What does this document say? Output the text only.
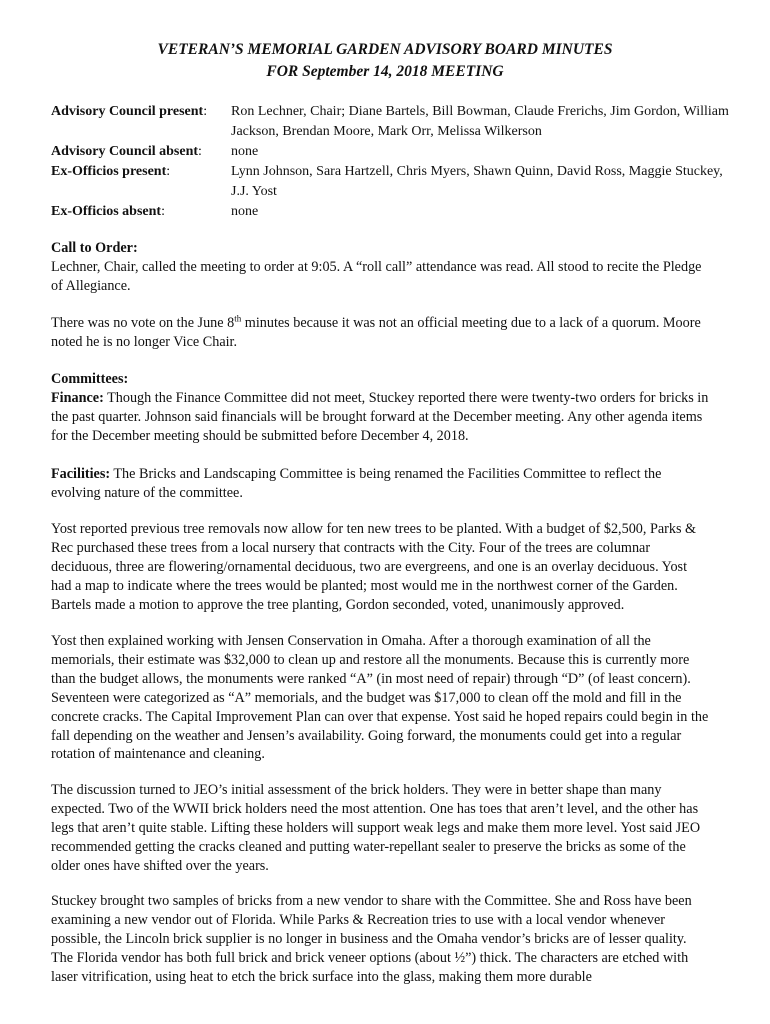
VETERAN’S MEMORIAL GARDEN ADVISORY BOARD MINUTES
FOR September 14, 2018 MEETING
Advisory Council present: Ron Lechner, Chair; Diane Bartels, Bill Bowman, Claude Frerichs, Jim Gordon, William Jackson, Brendan Moore, Mark Orr, Melissa Wilkerson
Advisory Council absent: none
Ex-Officios present:	Lynn Johnson, Sara Hartzell, Chris Myers, Shawn Quinn, David Ross, Maggie Stuckey, J.J. Yost
Ex-Officios absent:	none
Call to Order:
Lechner, Chair, called the meeting to order at 9:05. A “roll call” attendance was read. All stood to recite the Pledge of Allegiance.
There was no vote on the June 8th minutes because it was not an official meeting due to a lack of a quorum. Moore noted he is no longer Vice Chair.
Committees:
Finance: Though the Finance Committee did not meet, Stuckey reported there were twenty-two orders for bricks in the past quarter. Johnson said financials will be brought forward at the December meeting. Any other agenda items for the December meeting should be submitted before December 4, 2018.
Facilities: The Bricks and Landscaping Committee is being renamed the Facilities Committee to reflect the evolving nature of the committee.
Yost reported previous tree removals now allow for ten new trees to be planted. With a budget of $2,500, Parks & Rec purchased these trees from a local nursery that contracts with the City. Four of the trees are columnar deciduous, three are flowering/ornamental deciduous, two are evergreens, and one is an overlay deciduous. Yost had a map to indicate where the trees would be planted; most would me in the northwest corner of the Garden. Bartels made a motion to approve the tree planting, Gordon seconded, voted, unanimously approved.
Yost then explained working with Jensen Conservation in Omaha. After a thorough examination of all the memorials, their estimate was $32,000 to clean up and restore all the monuments. Because this is currently more than the budget allows, the monuments were ranked “A” (in most need of repair) through “D” (of least concern). Seventeen were categorized as “A” memorials, and the budget was $17,000 to clean off the mold and fill in the concrete cracks. The Capital Improvement Plan can over that expense. Yost said he hoped repairs could begin in the fall depending on the weather and Jensen’s availability. Going forward, the monuments could get into a regular rotation of maintenance and cleaning.
The discussion turned to JEO’s initial assessment of the brick holders. They were in better shape than many expected. Two of the WWII brick holders need the most attention. One has toes that aren’t level, and the other has legs that aren’t quite stable. Lifting these holders will support weak legs and make them more level. Yost said JEO recommended getting the cracks cleaned and putting water-repellant sealer to preserve the bricks as some of the older ones have shifted over the years.
Stuckey brought two samples of bricks from a new vendor to share with the Committee. She and Ross have been examining a new vendor out of Florida. While Parks & Recreation tries to use with a local vendor whenever possible, the Lincoln brick supplier is no longer in business and the Omaha vendor’s bricks are of lesser quality. The Florida vendor has both full brick and brick veneer options (about ½”) thick. The characters are etched with laser vitrification, using heat to etch the brick surface into the glass, making them more durable
